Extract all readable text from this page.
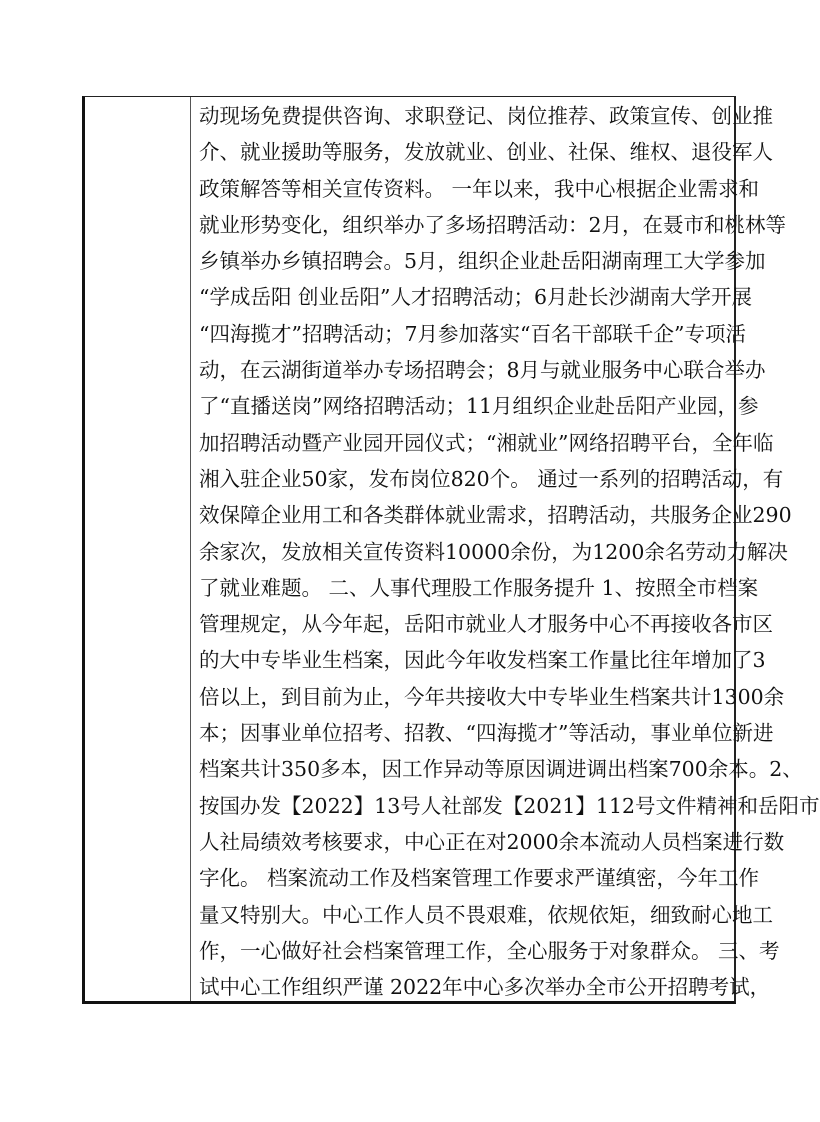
动现场免费提供咨询、求职登记、岗位推荐、政策宣传、创业推
介、就业援助等服务，发放就业、创业、社保、维权、退役军人
政策解答等相关宣传资料。 一年以来，我中心根据企业需求和
就业形势变化，组织举办了多场招聘活动：2月，在聂市和桃林等
乡镇举办乡镇招聘会。5月，组织企业赴岳阳湖南理工大学参加
“学成岳阳 创业岳阳”人才招聘活动；6月赴长沙湖南大学开展
“四海揽才”招聘活动；7月参加落实“百名干部联千企”专项活
动，在云湖街道举办专场招聘会；8月与就业服务中心联合举办
了“直播送岗”网络招聘活动；11月组织企业赴岳阳产业园，参
加招聘活动暨产业园开园仪式；“湘就业”网络招聘平台，全年临
湘入驻企业50家，发布岗位820个。 通过一系列的招聘活动，有
效保障企业用工和各类群体就业需求，招聘活动，共服务企业290
余家次，发放相关宣传资料10000余份，为1200余名劳动力解决
了就业难题。 二、人事代理股工作服务提升 1、按照全市档案
管理规定，从今年起，岳阳市就业人才服务中心不再接收各市区
的大中专毕业生档案，因此今年收发档案工作量比往年增加了3
倍以上，到目前为止，今年共接收大中专毕业生档案共计1300余
本；因事业单位招考、招教、“四海揽才”等活动，事业单位新进
档案共计350多本，因工作异动等原因调进调出档案700余本。2、
按国办发【2022】13号人社部发【2021】112号文件精神和岳阳市
人社局绩效考核要求，中心正在对2000余本流动人员档案进行数
字化。 档案流动工作及档案管理工作要求严谨缜密，今年工作
量又特别大。中心工作人员不畏艰难，依规依矩，细致耐心地工
作，一心做好社会档案管理工作，全心服务于对象群众。 三、考
试中心工作组织严谨 2022年中心多次举办全市公开招聘考试，
